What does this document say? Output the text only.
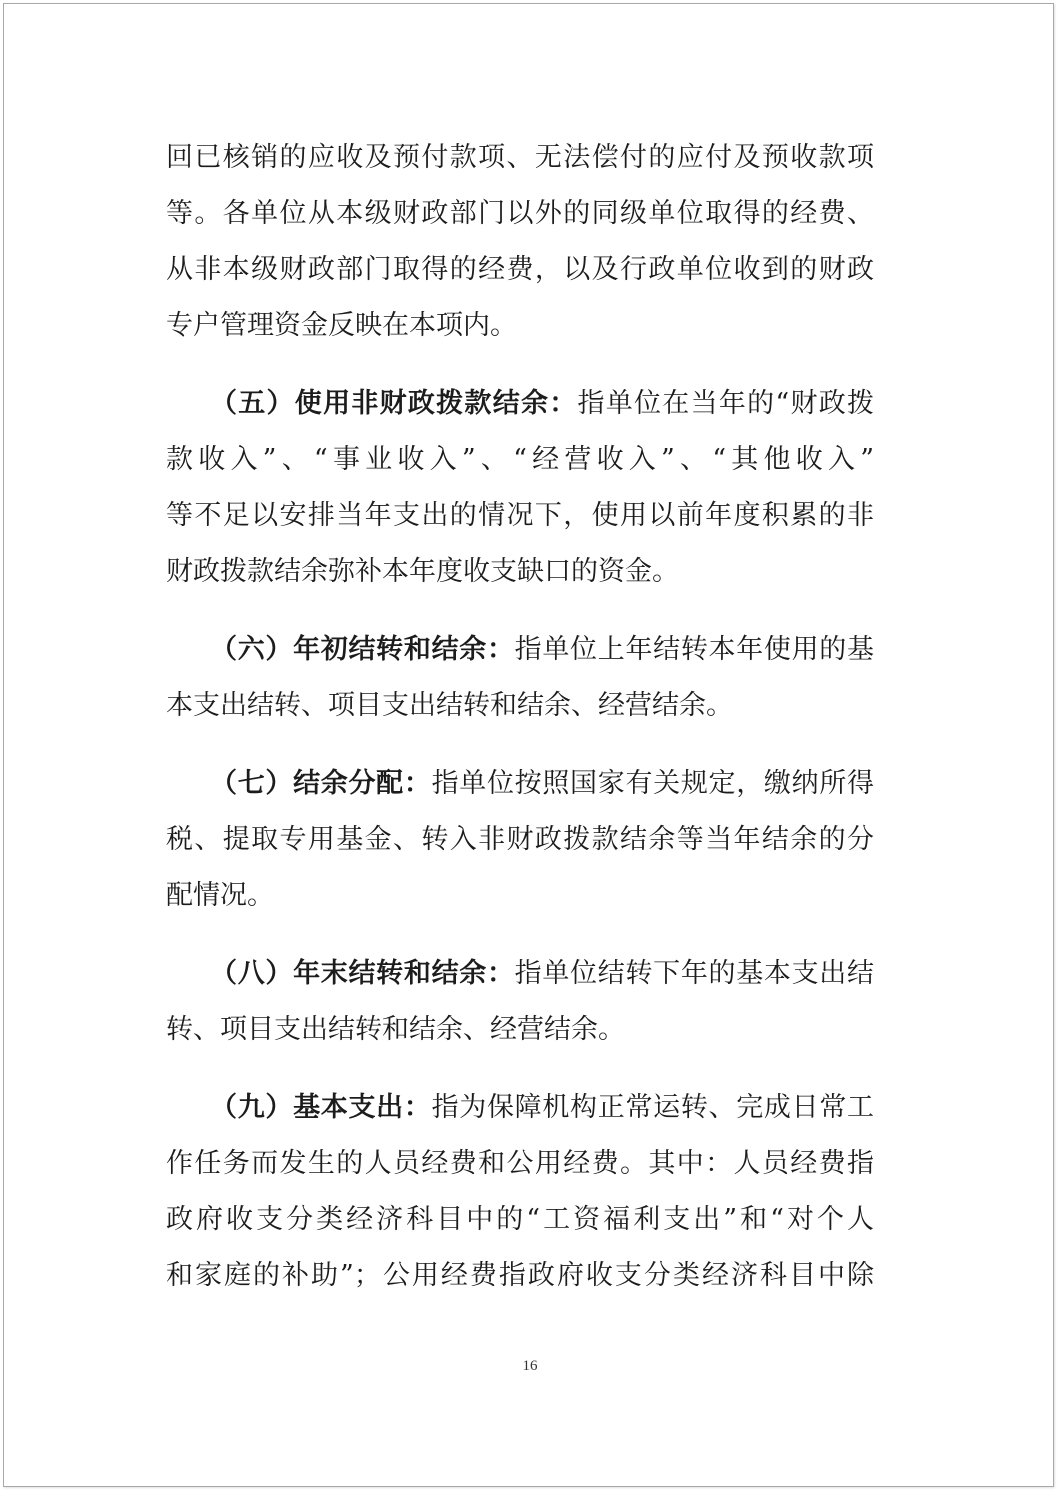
回已核销的应收及预付款项、无法偿付的应付及预收款项
等。各单位从本级财政部门以外的同级单位取得的经费、
从非本级财政部门取得的经费，以及行政单位收到的财政
专户管理资金反映在本项内。
（五）使用非财政拨款结余：指单位在当年的“财政拨
款收入”、“事业收入”、“经营收入”、“其他收入”
等不足以安排当年支出的情况下，使用以前年度积累的非
财政拨款结余弥补本年度收支缺口的资金。
（六）年初结转和结余：指单位上年结转本年使用的基
本支出结转、项目支出结转和结余、经营结余。
（七）结余分配：指单位按照国家有关规定，缴纳所得
税、提取专用基金、转入非财政拨款结余等当年结余的分
配情况。
（八）年末结转和结余：指单位结转下年的基本支出结
转、项目支出结转和结余、经营结余。
（九）基本支出：指为保障机构正常运转、完成日常工
作任务而发生的人员经费和公用经费。其中：人员经费指
政府收支分类经济科目中的“工资福利支出”和“对个人
和家庭的补助”；公用经费指政府收支分类经济科目中除
16
